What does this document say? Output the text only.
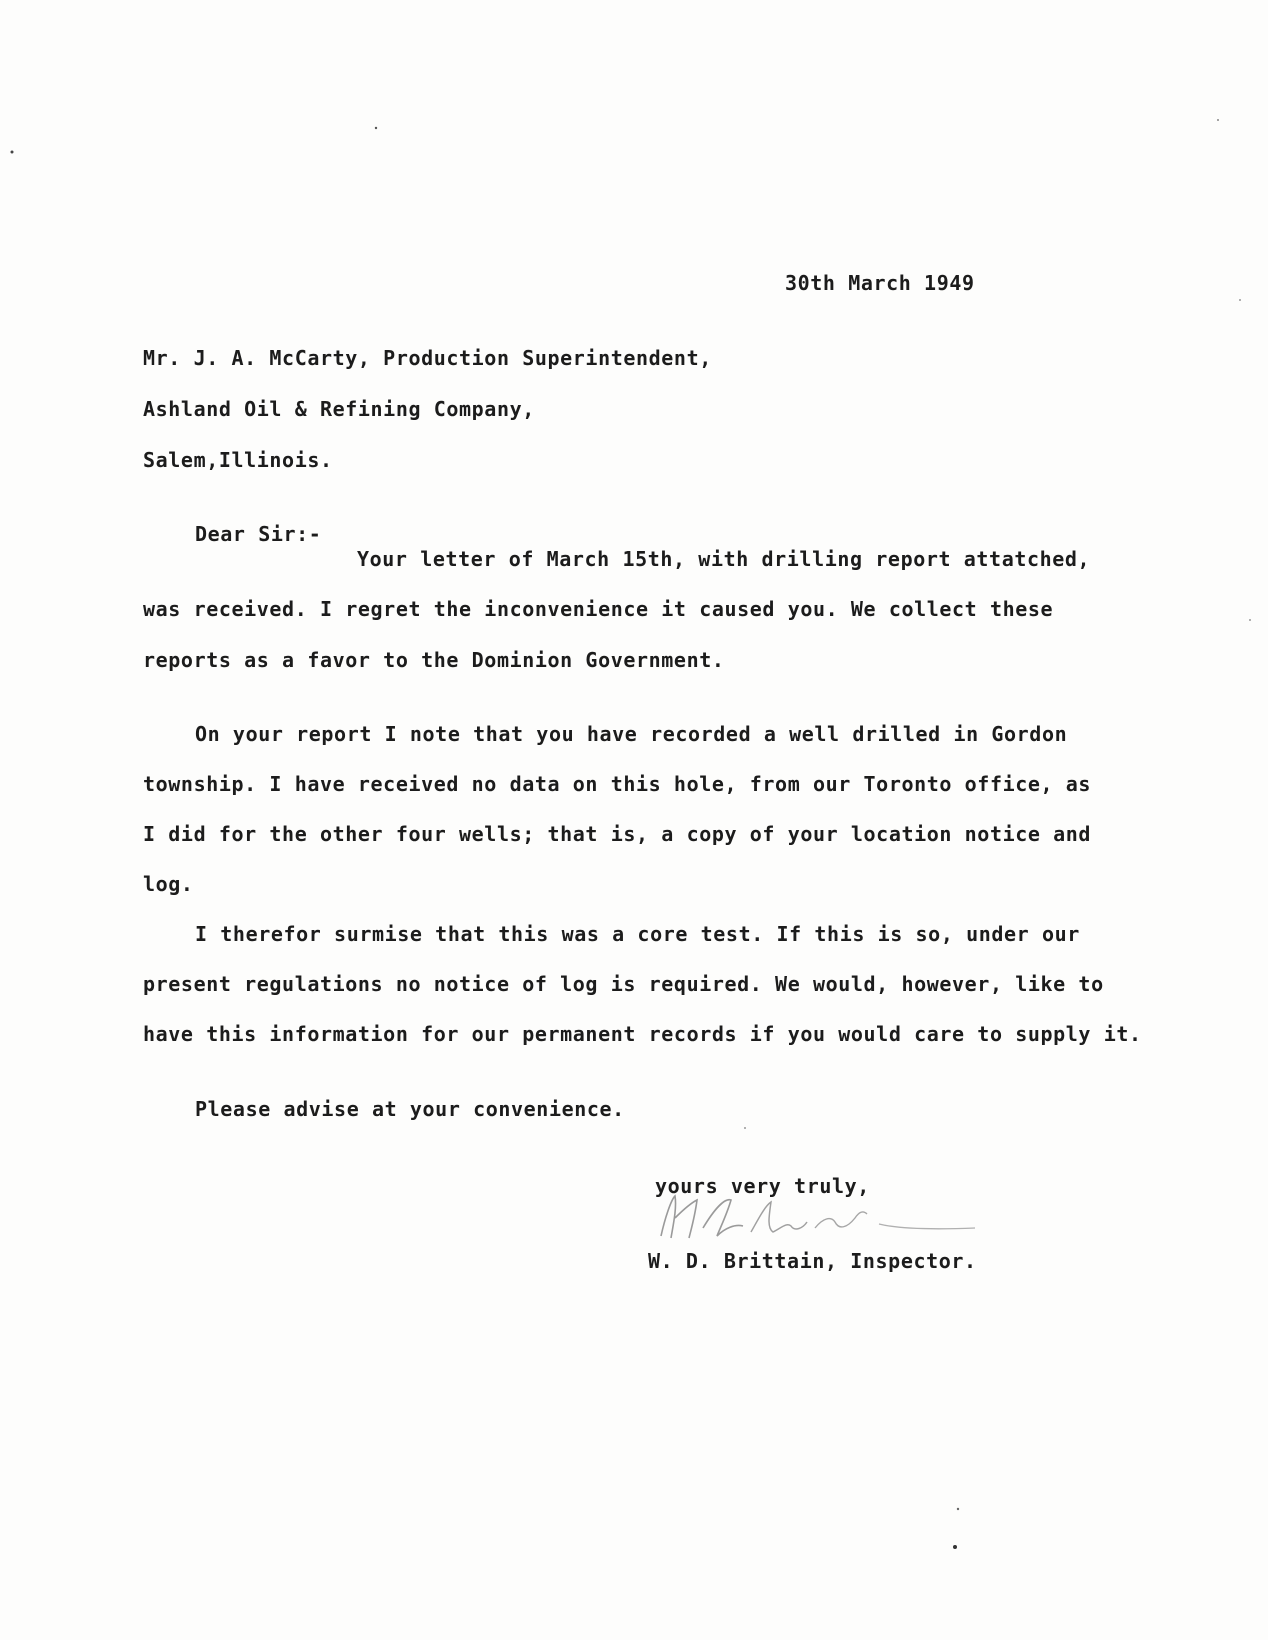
30th March 1949
Mr. J. A. McCarty, Production Superintendent,
Ashland Oil & Refining Company,
Salem,Illinois.
Dear Sir:-
Your letter of March 15th, with drilling report attatched,
was received. I regret the inconvenience it caused you. We collect these
reports as a favor to the Dominion Government.
On your report I note that you have recorded a well drilled in Gordon
township. I have received no data on this hole, from our Toronto office, as
I did for the other four wells; that is, a copy of your location notice and
log.
I therefor surmise that this was a core test. If this is so, under our
present regulations no notice of log is required. We would, however, like to
have this information for our permanent records if you would care to supply it.
Please advise at your convenience.
yours very truly,
W. D. Brittain, Inspector.
